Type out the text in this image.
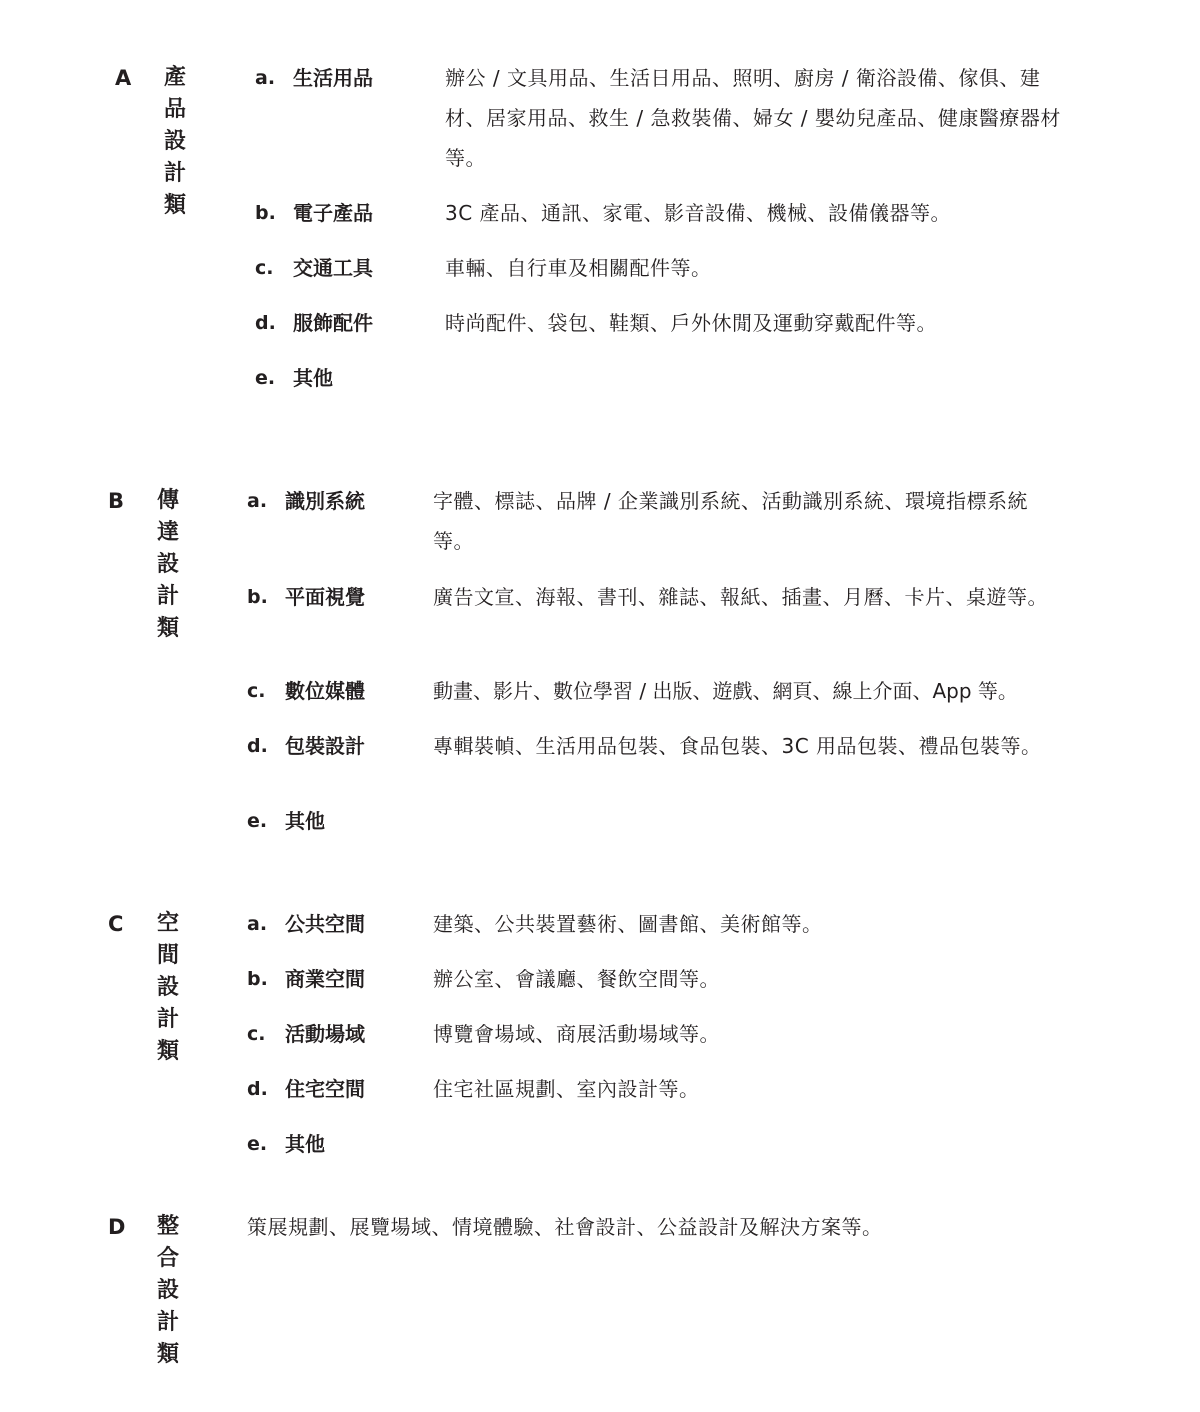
A 產
品
設
計
類
a. 生活用品	辦公 / 文具用品、生活日用品、照明、廚房 / 衛浴設備、傢俱、建材、居家用品、救生 / 急救裝備、婦女 / 嬰幼兒產品、健康醫療器材等。
b. 電子產品	3C 產品、通訊、家電、影音設備、機械、設備儀器等。
c. 交通工具	車輛、自行車及相關配件等。
d. 服飾配件	時尚配件、袋包、鞋類、戶外休閒及運動穿戴配件等。
e. 其他
B 傳
達
設
計
類
a. 識別系統	字體、標誌、品牌 / 企業識別系統、活動識別系統、環境指標系統等。
b. 平面視覺	廣告文宣、海報、書刊、雜誌、報紙、插畫、月曆、卡片、桌遊等。
c. 數位媒體	動畫、影片、數位學習 / 出版、遊戲、網頁、線上介面、App 等。
d. 包裝設計	專輯裝幀、生活用品包裝、食品包裝、3C 用品包裝、禮品包裝等。
e. 其他
C 空
間
設
計
類
a. 公共空間	建築、公共裝置藝術、圖書館、美術館等。
b. 商業空間	辦公室、會議廳、餐飲空間等。
c. 活動場域	博覽會場域、商展活動場域等。
d. 住宅空間	住宅社區規劃、室內設計等。
e. 其他
D 整
合
設
計
類
策展規劃、展覽場域、情境體驗、社會設計、公益設計及解決方案等。
